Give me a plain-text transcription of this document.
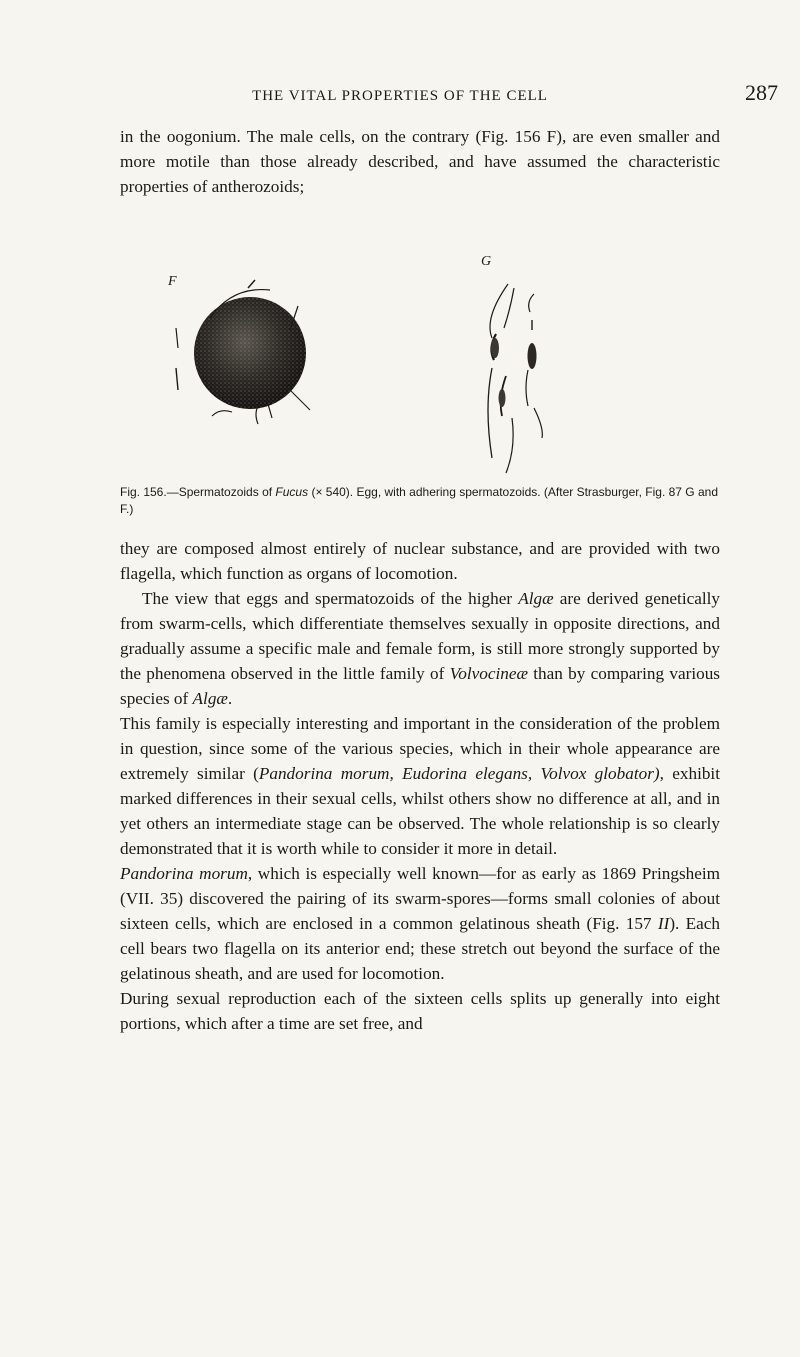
THE VITAL PROPERTIES OF THE CELL	287

in the oogonium. The male cells, on the contrary (Fig. 156 F), are even smaller and more motile than those already described, and have assumed the characteristic properties of antherozoids;

F
G
Fig. 156.—Spermatozoids of Fucus (× 540). Egg, with adhering spermatozoids. (After Strasburger, Fig. 87 G and F.)

they are composed almost entirely of nuclear substance, and are provided with two flagella, which function as organs of locomotion.

The view that eggs and spermatozoids of the higher Algæ are derived genetically from swarm-cells, which differentiate themselves sexually in opposite directions, and gradually assume a specific male and female form, is still more strongly supported by the phenomena observed in the little family of Volvocineæ than by comparing various species of Algæ.

This family is especially interesting and important in the consideration of the problem in question, since some of the various species, which in their whole appearance are extremely similar (Pandorina morum, Eudorina elegans, Volvox globator), exhibit marked differences in their sexual cells, whilst others show no difference at all, and in yet others an intermediate stage can be observed. The whole relationship is so clearly demonstrated that it is worth while to consider it more in detail.

Pandorina morum, which is especially well known—for as early as 1869 Pringsheim (VII. 35) discovered the pairing of its swarm-spores—forms small colonies of about sixteen cells, which are enclosed in a common gelatinous sheath (Fig. 157 II). Each cell bears two flagella on its anterior end; these stretch out beyond the surface of the gelatinous sheath, and are used for locomotion.

During sexual reproduction each of the sixteen cells splits up generally into eight portions, which after a time are set free, and
